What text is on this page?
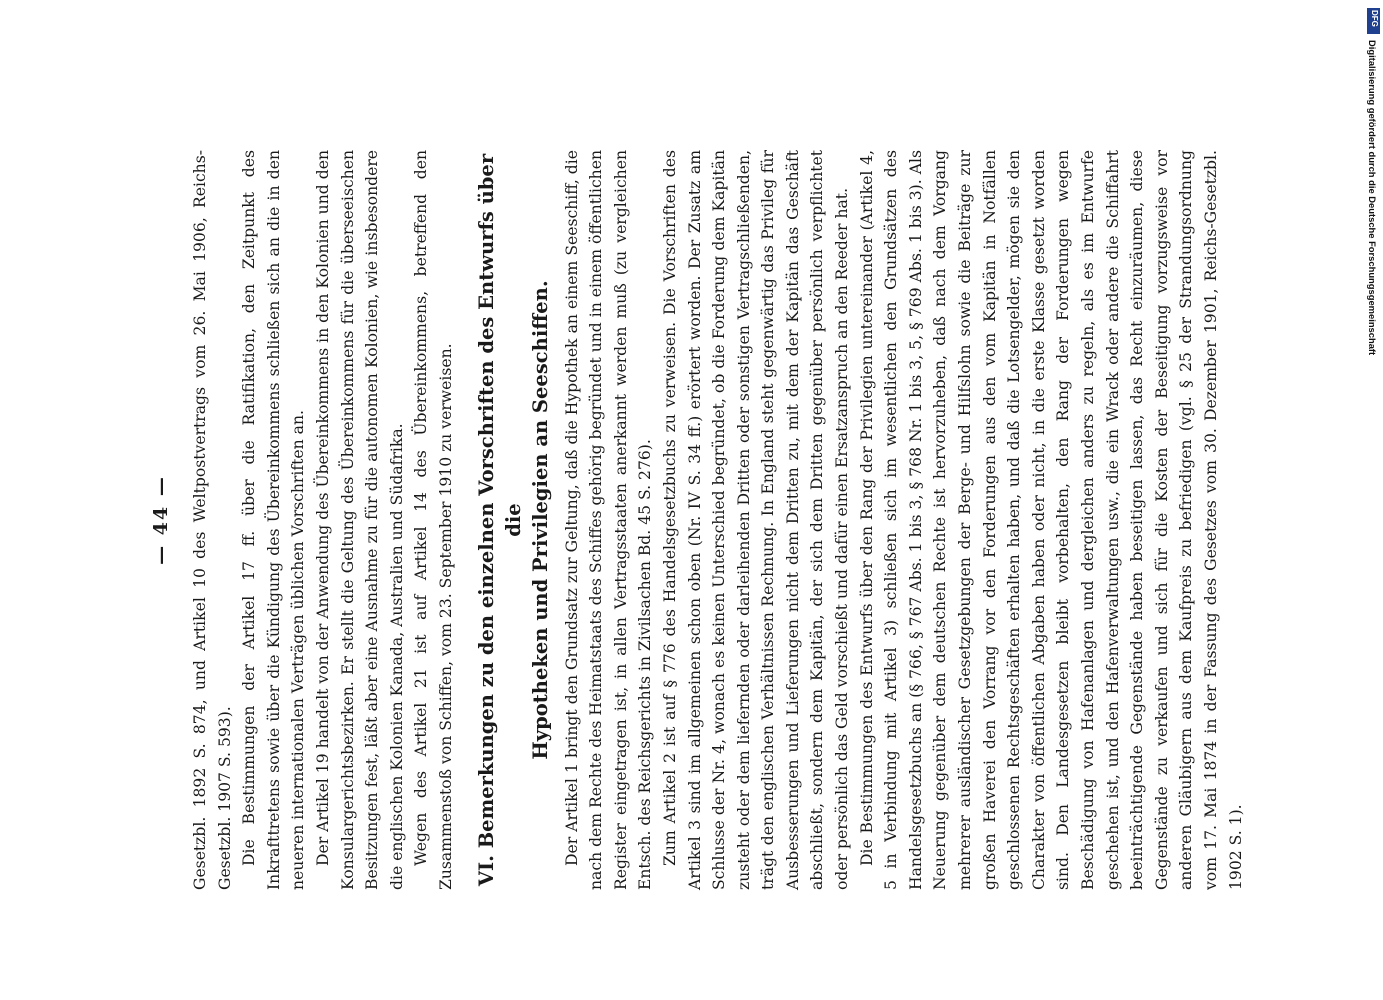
— 44 —	Gesetzbl. 1892 S. 874, und Artikel 10 des Weltpostvertrags vom 26. Mai 1906, Reichs-Gesetzbl. 1907 S. 593). Die Bestimmungen der Artikel 17 ff. über die Ratifikation, den Zeitpunkt des Inkrafttretens sowie über die Kündigung des Übereinkommens schließen sich an die in den neueren internationalen Verträgen üblichen Vorschriften an. Der Artikel 19 handelt von der Anwendung des Übereinkommens in den Kolonien und den Konsulargerichtsbezirken. Er stellt die Geltung des Übereinkommens für die überseeischen Besitzungen fest, läßt aber eine Ausnahme zu für die autonomen Kolonien, wie insbesondere die englischen Kolonien Kanada, Australien und Südafrika. Wegen des Artikel 21 ist auf Artikel 14 des Übereinkommens, betreffend den Zusammenstoß von Schiffen, vom 23. September 1910 zu verweisen. VI. Bemerkungen zu den einzelnen Vorschriften des Entwurfs über die Hypotheken und Privilegien an Seeschiffen. Der Artikel 1 bringt den Grundsatz zur Geltung, daß die Hypothek an einem Seeschiff, die nach dem Rechte des Heimatstaats des Schiffes gehörig begründet und in einem öffentlichen Register eingetragen ist, in allen Vertragsstaaten anerkannt werden muß (zu vergleichen Entsch. des Reichsgerichts in Zivilsachen Bd. 45 S. 276). Zum Artikel 2 ist auf § 776 des Handelsgesetzbuchs zu verweisen. Die Vorschriften des Artikel 3 sind im allgemeinen schon oben (Nr. IV S. 34 ff.) erörtert worden. Der Zusatz am Schlusse der Nr. 4, wonach es keinen Unterschied begründet, ob die Forderung dem Kapitän zusteht oder dem liefernden oder darleihenden Dritten oder sonstigen Vertragschließenden, trägt den englischen Verhältnissen Rechnung. In England steht gegenwärtig das Privileg für Ausbesserungen und Lieferungen nicht dem Dritten zu, mit dem der Kapitän das Geschäft abschließt, sondern dem Kapitän, der sich dem Dritten gegenüber persönlich verpflichtet oder persönlich das Geld vorschießt und dafür einen Ersatzanspruch an den Reeder hat. Die Bestimmungen des Entwurfs über den Rang der Privilegien untereinander (Artikel 4, 5 in Verbindung mit Artikel 3) schließen sich im wesentlichen den Grundsätzen des Handelsgesetzbuchs an (§ 766, § 767 Abs. 1 bis 3, § 768 Nr. 1 bis 3, 5, § 769 Abs. 1 bis 3). Als Neuerung gegenüber dem deutschen Rechte ist hervorzuheben, daß nach dem Vorgang mehrerer ausländischer Gesetzgebungen der Berge- und Hilfslohn sowie die Beiträge zur großen Haverei den Vorrang vor den Forderungen aus den vom Kapitän in Notfällen geschlossenen Rechtsgeschäften erhalten haben, und daß die Lotsengelder, mögen sie den Charakter von öffentlichen Abgaben haben oder nicht, in die erste Klasse gesetzt worden sind. Den Landesgesetzen bleibt vorbehalten, den Rang der Forderungen wegen Beschädigung von Hafenanlagen und dergleichen anders zu regeln, als es im Entwurfe geschehen ist, und den Hafenverwaltungen usw., die ein Wrack oder andere die Schiffahrt beeinträchtigende Gegenstände haben beseitigen lassen, das Recht einzuräumen, diese Gegenstände zu verkaufen und sich für die Kosten der Beseitigung vorzugsweise vor anderen Gläubigern aus dem Kaufpreis zu befriedigen (vgl. § 25 der Strandungsordnung vom 17. Mai 1874 in der Fassung des Gesetzes vom 30. Dezember 1901, Reichs-Gesetzbl. 1902 S. 1).

DFG
Digitalisierung gefördert durch die Deutsche Forschungsgemeinschaft
